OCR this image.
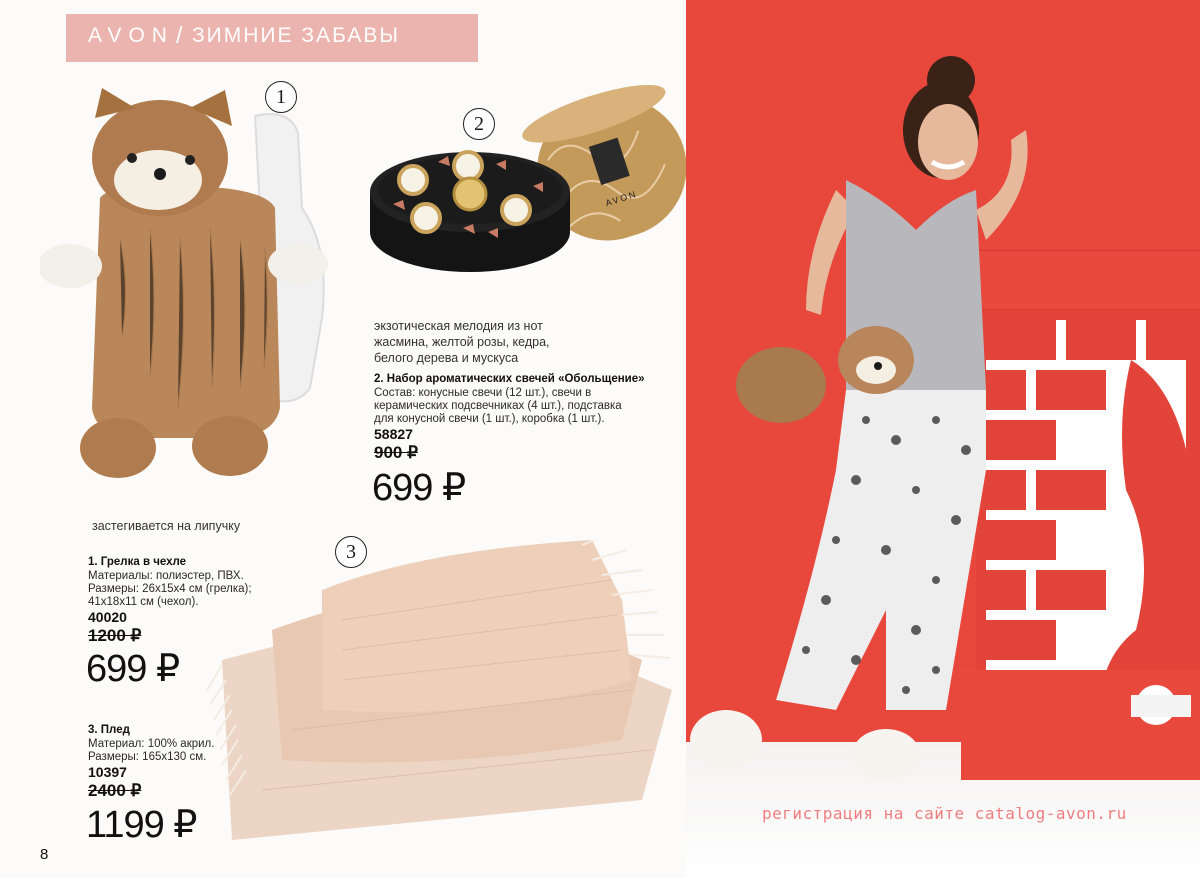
AVON / ЗИМНИЕ ЗАБАВЫ
1
застегивается на липучку
1. Грелка в чехле
Материалы: полиэстер, ПВХ.
Размеры: 26x15x4 см (грелка);
41x18x11 см (чехол).
40020
1200 ₽
699 ₽
AVON
2
экзотическая мелодия из нот
жасмина, желтой розы, кедра,
белого дерева и мускуса
2. Набор ароматических свечей «Обольщение»
Состав: конусные свечи (12 шт.), свечи в
керамических подсвечниках (4 шт.), подставка
для конусной свечи (1 шт.), коробка (1 шт.).
58827
900 ₽
699 ₽
3
3. Плед
Материал: 100% акрил.
Размеры: 165x130 см.
10397
2400 ₽
1199 ₽
8
регистрация на сайте catalog-avon.ru
